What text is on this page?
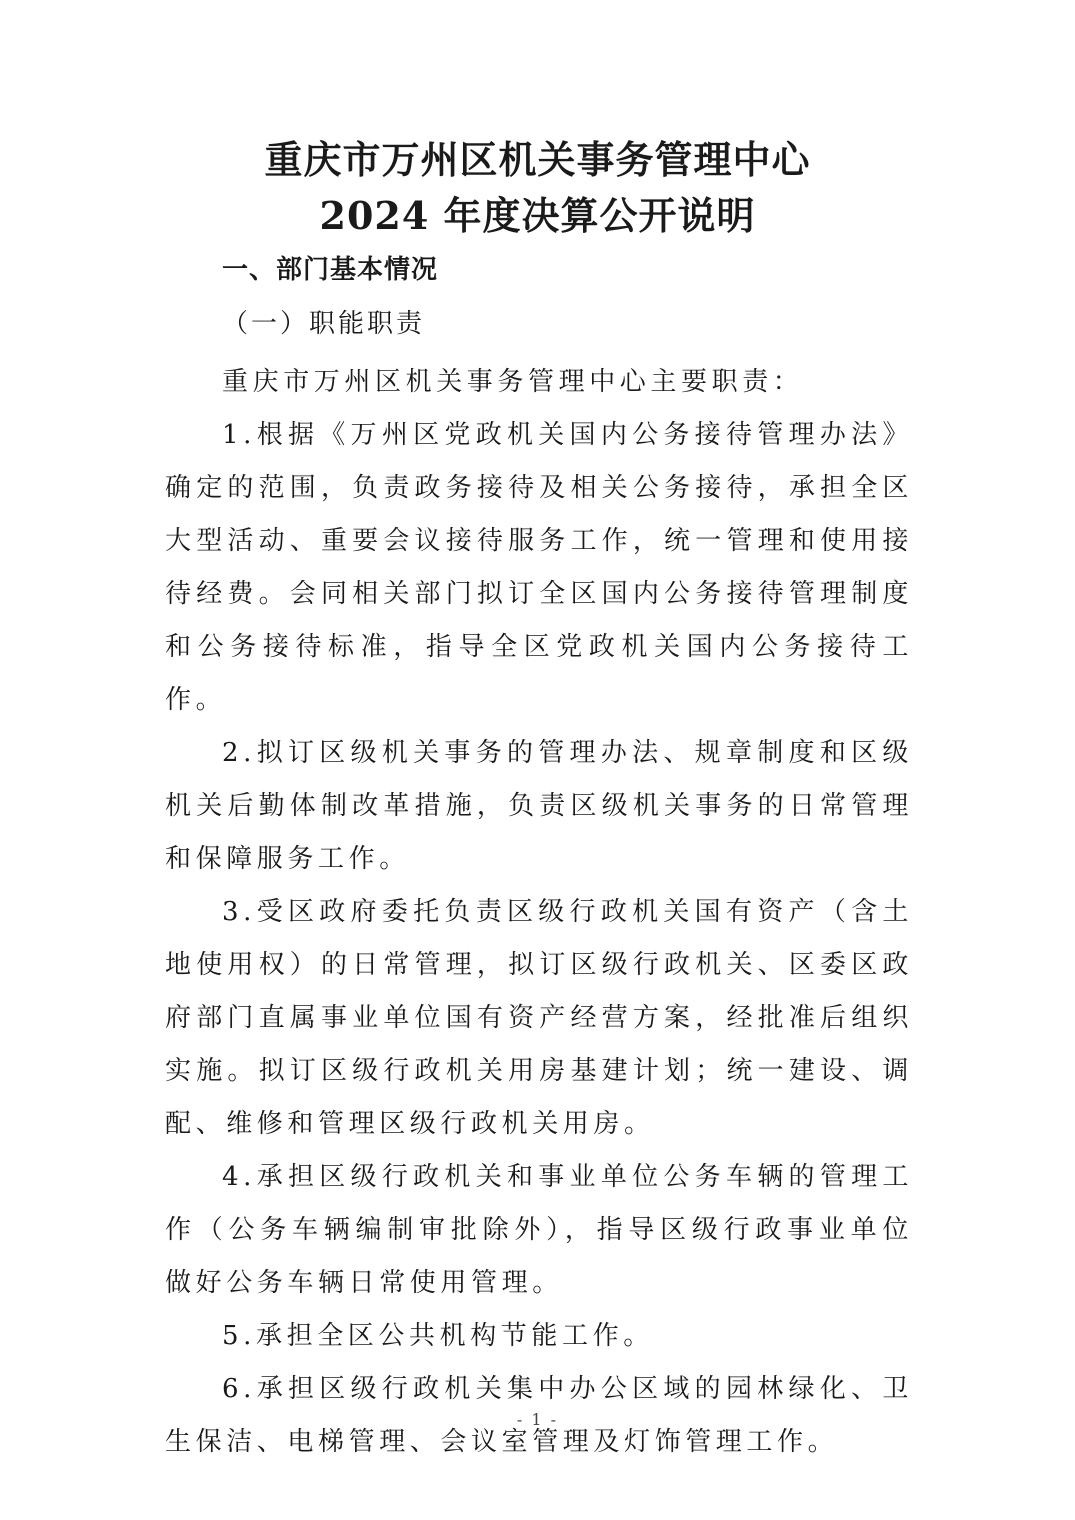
重庆市万州区机关事务管理中心
2024 年度决算公开说明
一、部门基本情况
（一）职能职责

重庆市万州区机关事务管理中心主要职责：

1.根据《万州区党政机关国内公务接待管理办法》确定的范围，负责政务接待及相关公务接待，承担全区大型活动、重要会议接待服务工作，统一管理和使用接待经费。会同相关部门拟订全区国内公务接待管理制度和公务接待标准，指导全区党政机关国内公务接待工作。

2.拟订区级机关事务的管理办法、规章制度和区级机关后勤体制改革措施，负责区级机关事务的日常管理和保障服务工作。

3.受区政府委托负责区级行政机关国有资产（含土地使用权）的日常管理，拟订区级行政机关、区委区政府部门直属事业单位国有资产经营方案，经批准后组织实施。拟订区级行政机关用房基建计划；统一建设、调配、维修和管理区级行政机关用房。

4.承担区级行政机关和事业单位公务车辆的管理工作（公务车辆编制审批除外），指导区级行政事业单位做好公务车辆日常使用管理。

5.承担全区公共机构节能工作。

6.承担区级行政机关集中办公区域的园林绿化、卫生保洁、电梯管理、会议室管理及灯饰管理工作。

- 1 -
